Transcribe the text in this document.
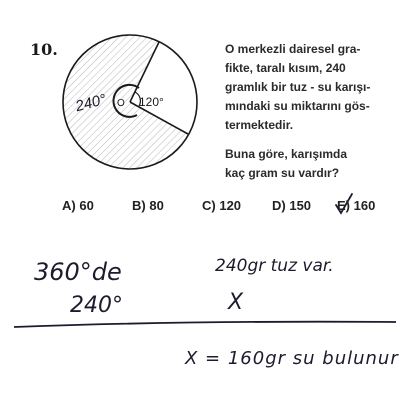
10.
O 120°
240°
O merkezli dairesel gra-
fikte, taralı kısım, 240
gramlık bir tuz - su karışı-
mındaki su miktarını gös-
termektedir.
Buna göre, karışımda
kaç gram su vardır?
A) 60	B) 80	C) 120 D) 150 E) 160
360°de	240gr tuz var.
240°	X
X = 160gr su bulunur
